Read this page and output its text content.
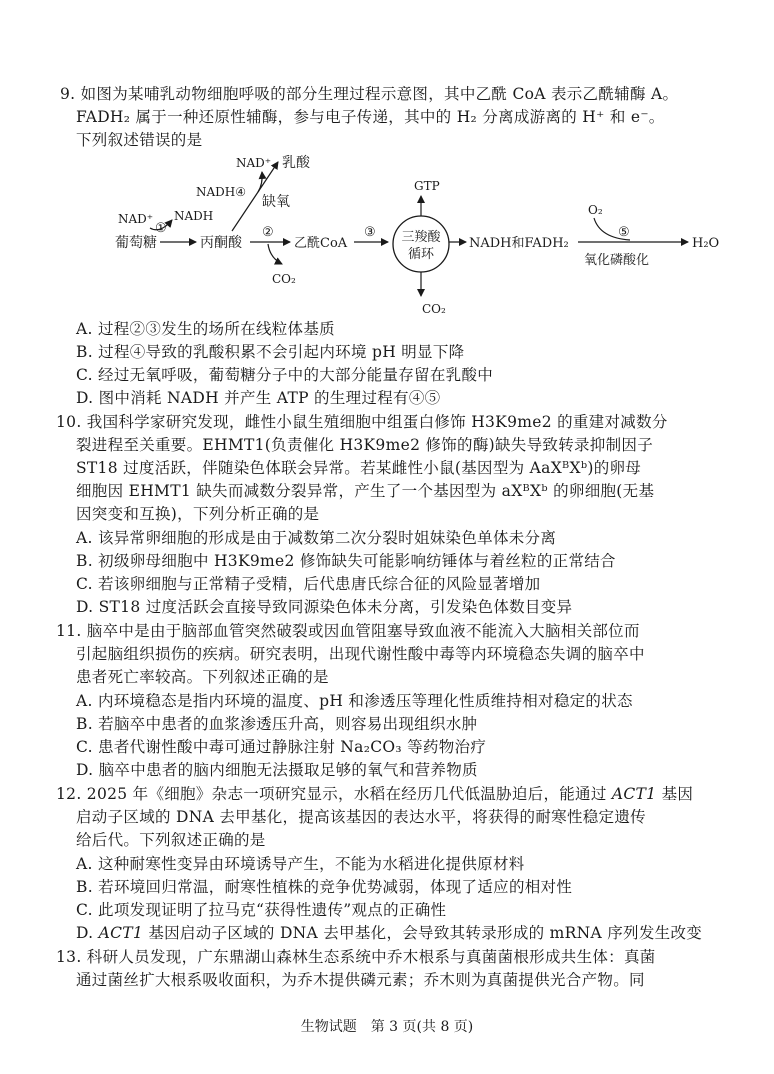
9. 如图为某哺乳动物细胞呼吸的部分生理过程示意图，其中乙酰 CoA 表示乙酰辅酶 A。
FADH₂ 属于一种还原性辅酶，参与电子传递，其中的 H₂ 分离成游离的 H⁺ 和 e⁻。
下列叙述错误的是
NAD⁺ 乳酸
NADH④
缺氧
NAD⁺ NADH
①
葡萄糖	丙酮酸
②
CO₂
乙酰CoA
③
GTP
三羧酸
循环
CO₂
NADH和FADH₂
O₂
⑤
氧化磷酸化
H₂O
A. 过程②③发生的场所在线粒体基质
B. 过程④导致的乳酸积累不会引起内环境 pH 明显下降
C. 经过无氧呼吸，葡萄糖分子中的大部分能量存留在乳酸中
D. 图中消耗 NADH 并产生 ATP 的生理过程有④⑤
10. 我国科学家研究发现，雌性小鼠生殖细胞中组蛋白修饰 H3K9me2 的重建对减数分
裂进程至关重要。EHMT1(负责催化 H3K9me2 修饰的酶)缺失导致转录抑制因子
ST18 过度活跃，伴随染色体联会异常。若某雌性小鼠(基因型为 AaXᴮXᵇ)的卵母
细胞因 EHMT1 缺失而减数分裂异常，产生了一个基因型为 aXᴮXᵇ 的卵细胞(无基
因突变和互换)，下列分析正确的是
A. 该异常卵细胞的形成是由于减数第二次分裂时姐妹染色单体未分离
B. 初级卵母细胞中 H3K9me2 修饰缺失可能影响纺锤体与着丝粒的正常结合
C. 若该卵细胞与正常精子受精，后代患唐氏综合征的风险显著增加
D. ST18 过度活跃会直接导致同源染色体未分离，引发染色体数目变异
11. 脑卒中是由于脑部血管突然破裂或因血管阻塞导致血液不能流入大脑相关部位而
引起脑组织损伤的疾病。研究表明，出现代谢性酸中毒等内环境稳态失调的脑卒中
患者死亡率较高。下列叙述正确的是
A. 内环境稳态是指内环境的温度、pH 和渗透压等理化性质维持相对稳定的状态
B. 若脑卒中患者的血浆渗透压升高，则容易出现组织水肿
C. 患者代谢性酸中毒可通过静脉注射 Na₂CO₃ 等药物治疗
D. 脑卒中患者的脑内细胞无法摄取足够的氧气和营养物质
12. 2025 年《细胞》杂志一项研究显示，水稻在经历几代低温胁迫后，能通过 ACT1 基因
启动子区域的 DNA 去甲基化，提高该基因的表达水平，将获得的耐寒性稳定遗传
给后代。下列叙述正确的是
A. 这种耐寒性变异由环境诱导产生，不能为水稻进化提供原材料
B. 若环境回归常温，耐寒性植株的竞争优势减弱，体现了适应的相对性
C. 此项发现证明了拉马克“获得性遗传”观点的正确性
D. ACT1 基因启动子区域的 DNA 去甲基化，会导致其转录形成的 mRNA 序列发生改变
13. 科研人员发现，广东鼎湖山森林生态系统中乔木根系与真菌菌根形成共生体：真菌
通过菌丝扩大根系吸收面积，为乔木提供磷元素；乔木则为真菌提供光合产物。同
生物试题　第 3 页(共 8 页)
